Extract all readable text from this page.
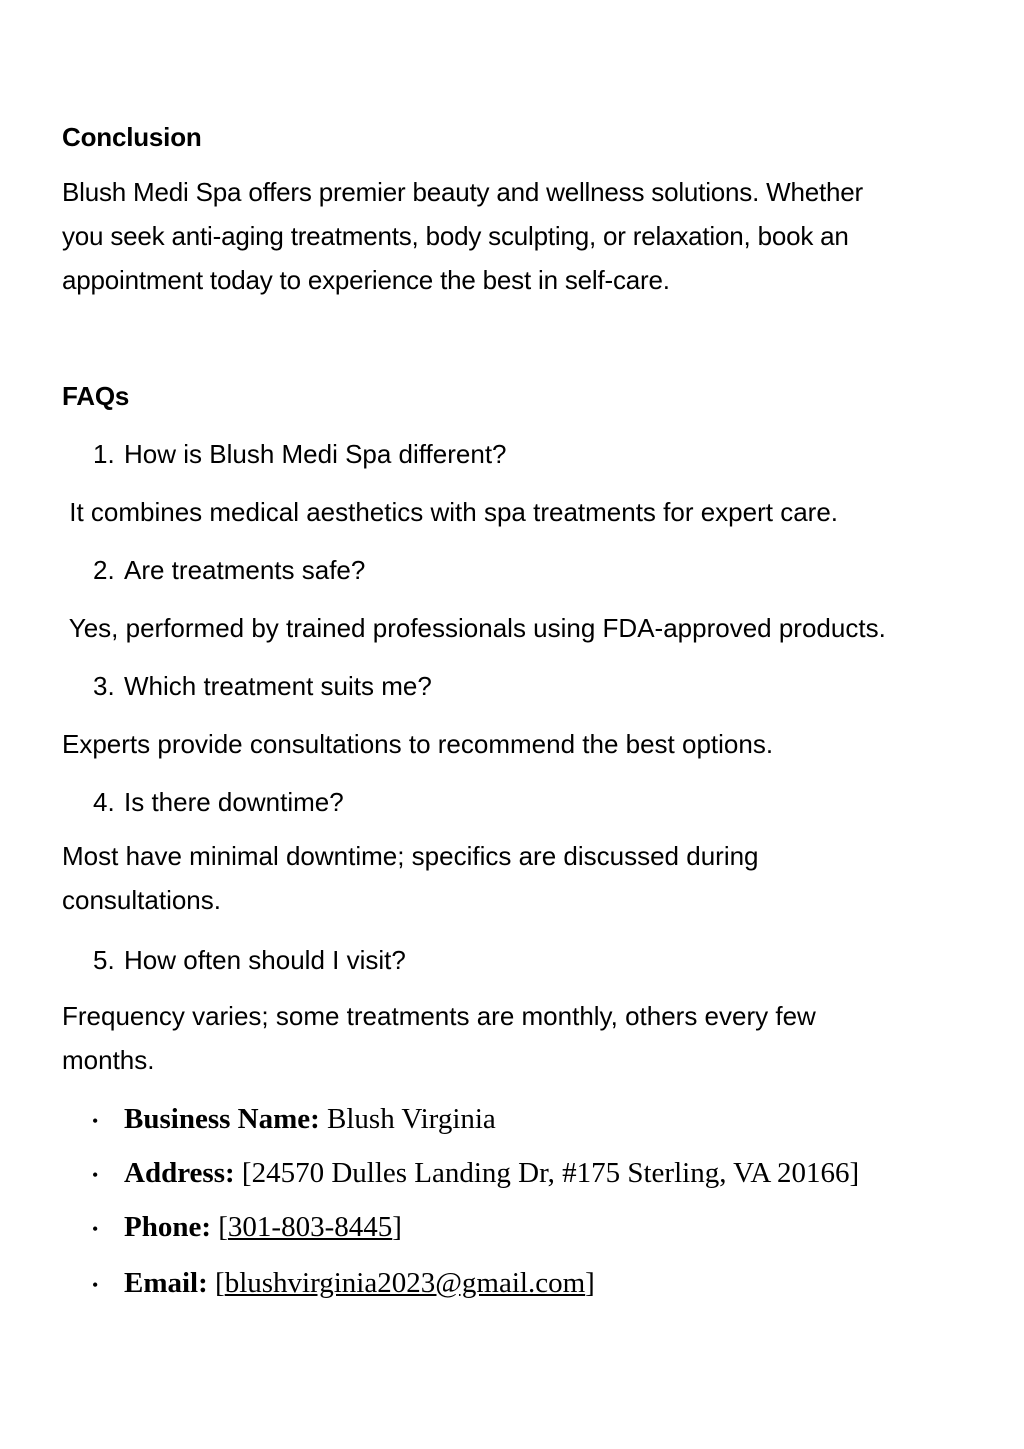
Conclusion
Blush Medi Spa offers premier beauty and wellness solutions. Whether
you seek anti-aging treatments, body sculpting, or relaxation, book an
appointment today to experience the best in self-care.
FAQs
1. How is Blush Medi Spa different?
It combines medical aesthetics with spa treatments for expert care.
2. Are treatments safe?
Yes, performed by trained professionals using FDA-approved products.
3. Which treatment suits me?
Experts provide consultations to recommend the best options.
4. Is there downtime?
Most have minimal downtime; specifics are discussed during
consultations.
5. How often should I visit?
Frequency varies; some treatments are monthly, others every few
months.
• Business Name: Blush Virginia
• Address: [24570 Dulles Landing Dr, #175 Sterling, VA 20166]
• Phone: [301-803-8445]
• Email: [blushvirginia2023@gmail.com]
